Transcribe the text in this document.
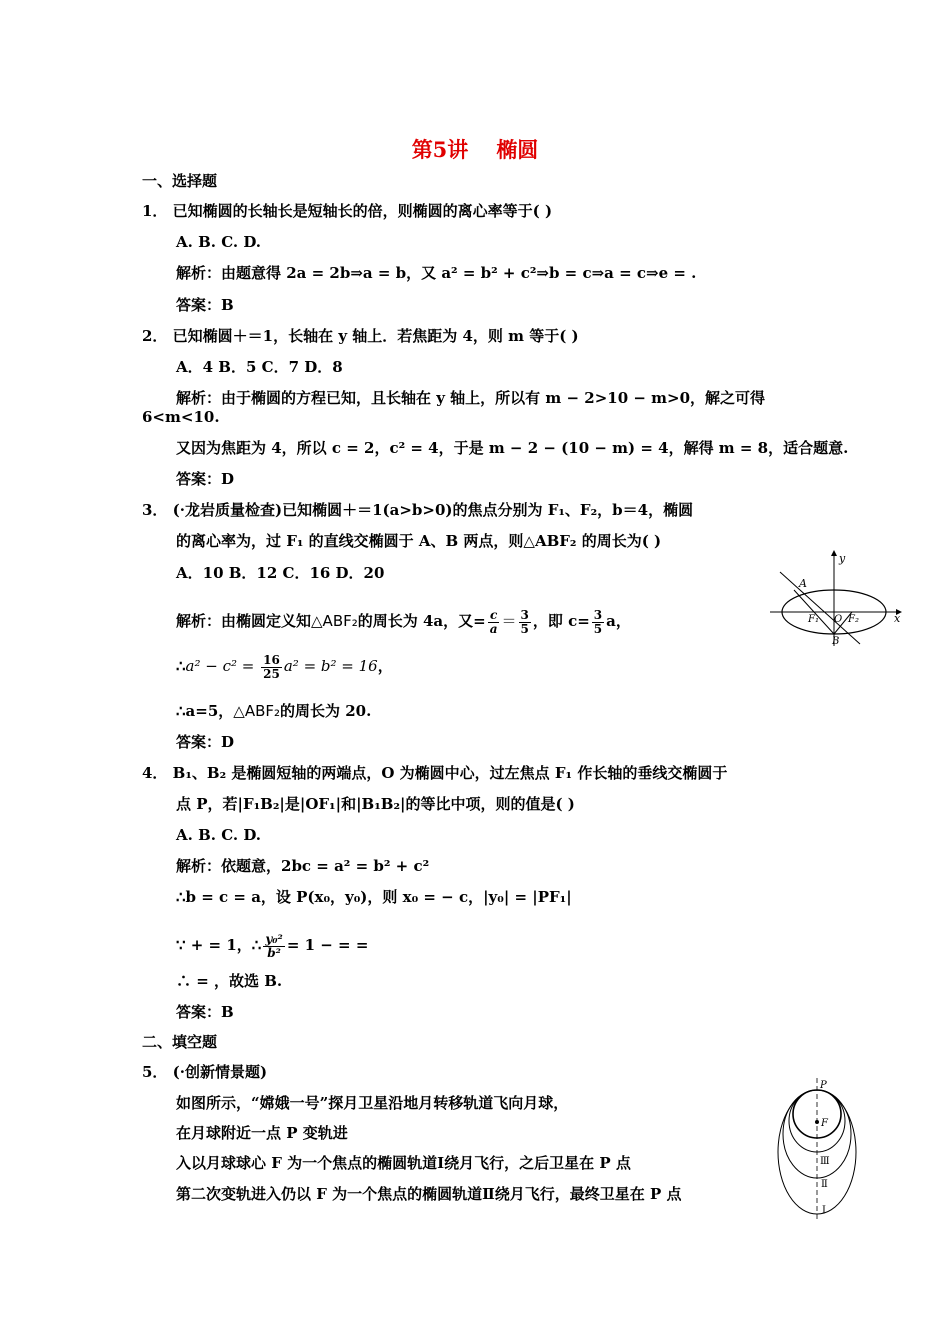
第5讲 椭圆
一、选择题
1． 已知椭圆的长轴长是短轴长的倍，则椭圆的离心率等于( )
A. B. C. D.
解析：由题意得 2a = 2b⇒a = b，又 a² = b² + c²⇒b = c⇒a = c⇒e = .
答案：B
2． 已知椭圆＋＝1，长轴在 y 轴上．若焦距为 4，则 m 等于( )
A．4 B．5 C．7 D．8
解析：由于椭圆的方程已知，且长轴在 y 轴上，所以有 m − 2>10 − m>0，解之可得
6<m<10.
又因为焦距为 4，所以 c = 2，c² = 4，于是 m − 2 − (10 − m) = 4，解得 m = 8，适合题意.
答案：D
3． (·龙岩质量检查)已知椭圆＋＝1(a>b>0)的焦点分别为 F₁、F₂，b＝4，椭圆
的离心率为，过 F₁ 的直线交椭圆于 A、B 两点，则△ABF₂ 的周长为( )
A．10 B．12 C．16 D．20
解析：由椭圆定义知△ABF₂的周长为 4a，又= $\frac{c}{a} = \frac{3}{5}$ ，即 $c= \frac{3}{5}$ a，
∴a² − $c^2 = \frac{16}{25} a^2 = b^2 = 16$，
∴a=5，△ABF₂的周长为 20.
答案：D
A
y
x
F₁ O F₂
B
4． B₁、B₂ 是椭圆短轴的两端点，O 为椭圆中心，过左焦点 F₁ 作长轴的垂线交椭圆于
点 P，若|F₁B₂|是|OF₁|和|B₁B₂|的等比中项，则的值是( )
A. B. C. D.
解析：依题意，2bc = a² = b² + c²
∴b = c = a，设 P(x₀，y₀)，则 x₀ = − c，|y₀| = |PF₁|
∵ + = 1，∴ $\frac{\text{y₀²}}{\text{b²}} = 1$ − = =
∴ = ，故选 B.
答案：B
二、填空题
5． (·创新情景题)
如图所示，“嫦娥一号”探月卫星沿地月转移轨道飞向月球，
在月球附近一点 P 变轨进
入以月球球心 F 为一个焦点的椭圆轨道Ⅰ绕月飞行，之后卫星在 P 点
第二次变轨进入仍以 F 为一个焦点的椭圆轨道Ⅱ绕月飞行，最终卫星在 P 点
P
F
Ⅲ
Ⅱ
Ⅰ
